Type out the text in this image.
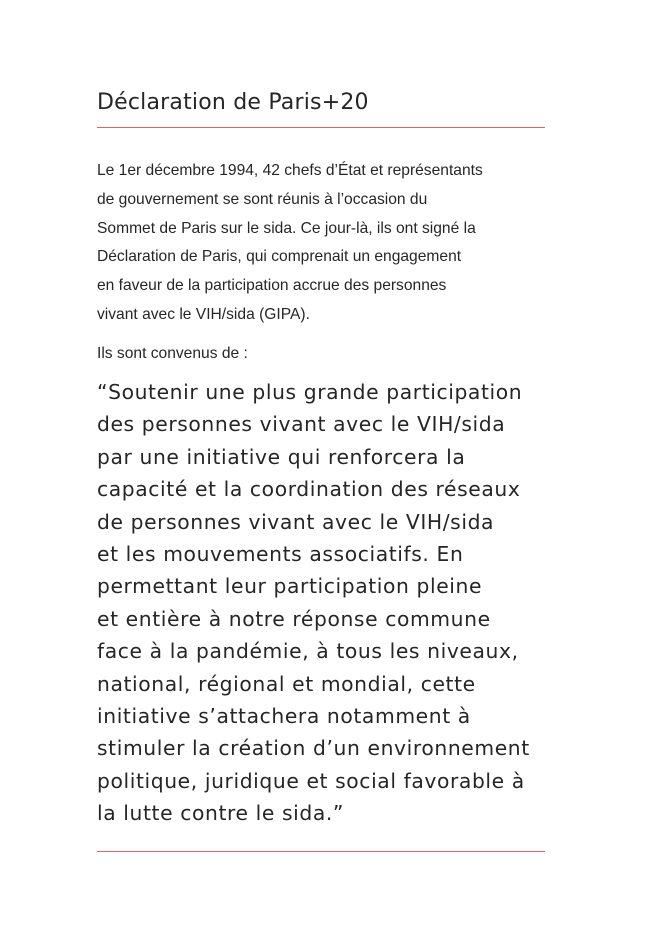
Déclaration de Paris+20

Le 1er décembre 1994, 42 chefs d’État et représentants
de gouvernement se sont réunis à l’occasion du
Sommet de Paris sur le sida. Ce jour-là, ils ont signé la
Déclaration de Paris, qui comprenait un engagement
en faveur de la participation accrue des personnes
vivant avec le VIH/sida (GIPA).

Ils sont convenus de :

“Soutenir une plus grande participation
des personnes vivant avec le VIH/sida
par une initiative qui renforcera la
capacité et la coordination des réseaux
de personnes vivant avec le VIH/sida
et les mouvements associatifs. En
permettant leur participation pleine
et entière à notre réponse commune
face à la pandémie, à tous les niveaux,
national, régional et mondial, cette
initiative s’attachera notamment à
stimuler la création d’un environnement
politique, juridique et social favorable à
la lutte contre le sida.”
